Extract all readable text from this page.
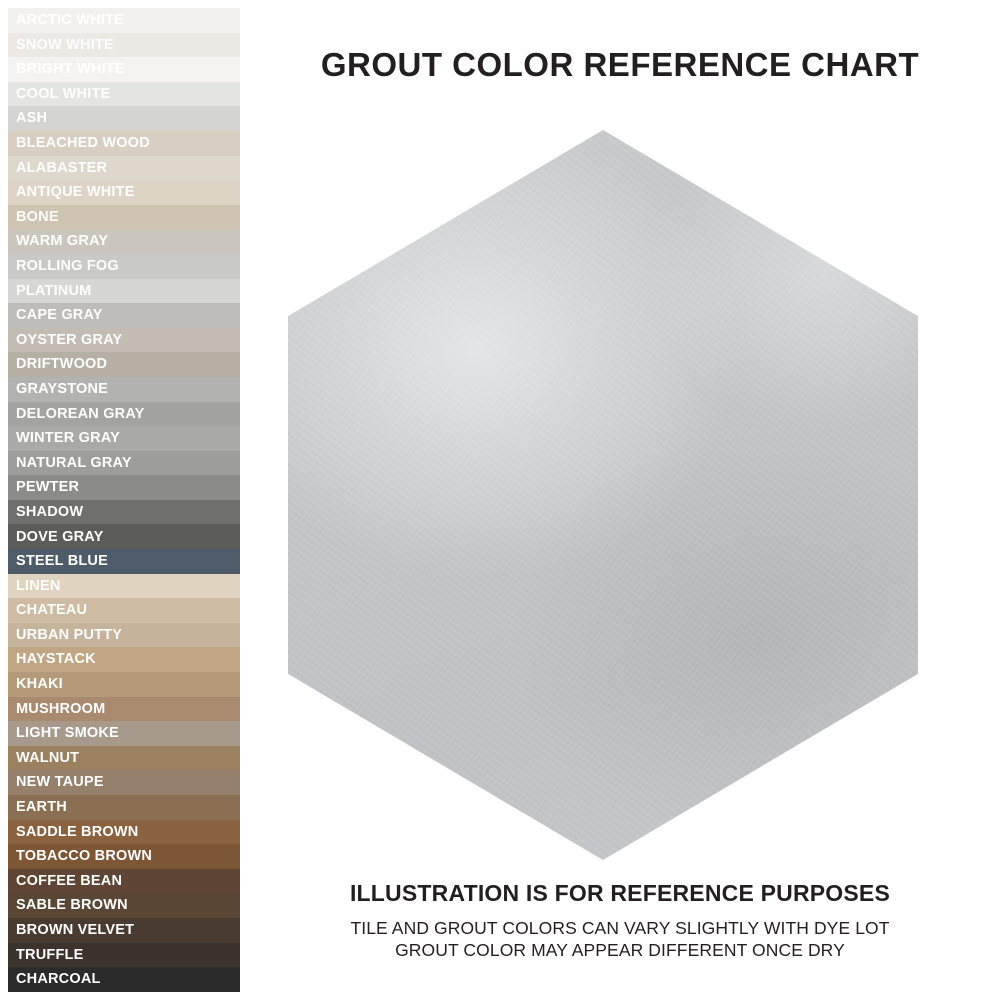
ARCTIC WHITE
SNOW WHITE
BRIGHT WHITE
COOL WHITE
ASH
BLEACHED WOOD
ALABASTER
ANTIQUE WHITE
BONE
WARM GRAY
ROLLING FOG
PLATINUM
CAPE GRAY
OYSTER GRAY
DRIFTWOOD
GRAYSTONE
DELOREAN GRAY
WINTER GRAY
NATURAL GRAY
PEWTER
SHADOW
DOVE GRAY
STEEL BLUE
LINEN
CHATEAU
URBAN PUTTY
HAYSTACK
KHAKI
MUSHROOM
LIGHT SMOKE
WALNUT
NEW TAUPE
EARTH
SADDLE BROWN
TOBACCO BROWN
COFFEE BEAN
SABLE BROWN
BROWN VELVET
TRUFFLE
CHARCOAL
GROUT COLOR REFERENCE CHART
ILLUSTRATION IS FOR REFERENCE PURPOSES
TILE AND GROUT COLORS CAN VARY SLIGHTLY WITH DYE LOT
GROUT COLOR MAY APPEAR DIFFERENT ONCE DRY
